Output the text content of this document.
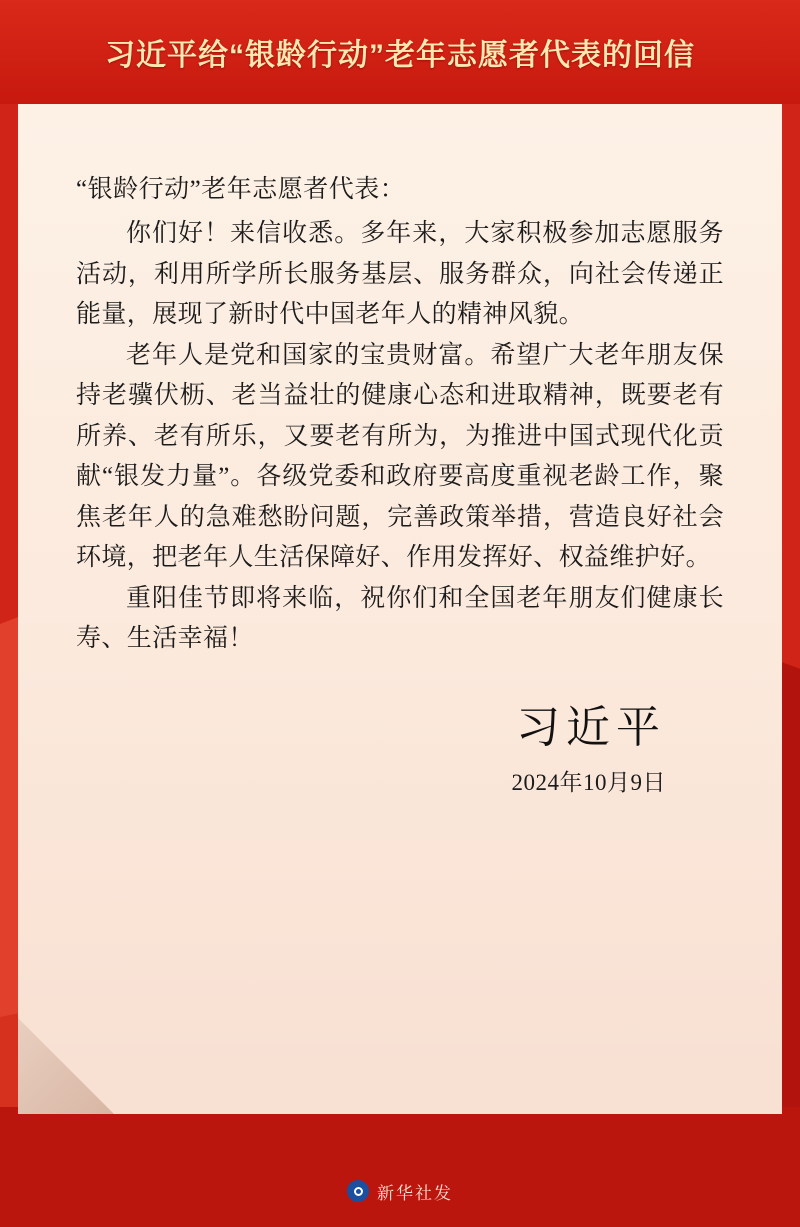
习近平给“银龄行动”老年志愿者代表的回信

“银龄行动”老年志愿者代表：

你们好！来信收悉。多年来，大家积极参加志愿服务活动，利用所学所长服务基层、服务群众，向社会传递正能量，展现了新时代中国老年人的精神风貌。

老年人是党和国家的宝贵财富。希望广大老年朋友保持老骥伏枥、老当益壮的健康心态和进取精神，既要老有所养、老有所乐，又要老有所为，为推进中国式现代化贡献“银发力量”。各级党委和政府要高度重视老龄工作，聚焦老年人的急难愁盼问题，完善政策举措，营造良好社会环境，把老年人生活保障好、作用发挥好、权益维护好。

重阳佳节即将来临，祝你们和全国老年朋友们健康长寿、生活幸福！

习近平
2024年10月9日
新华社发
